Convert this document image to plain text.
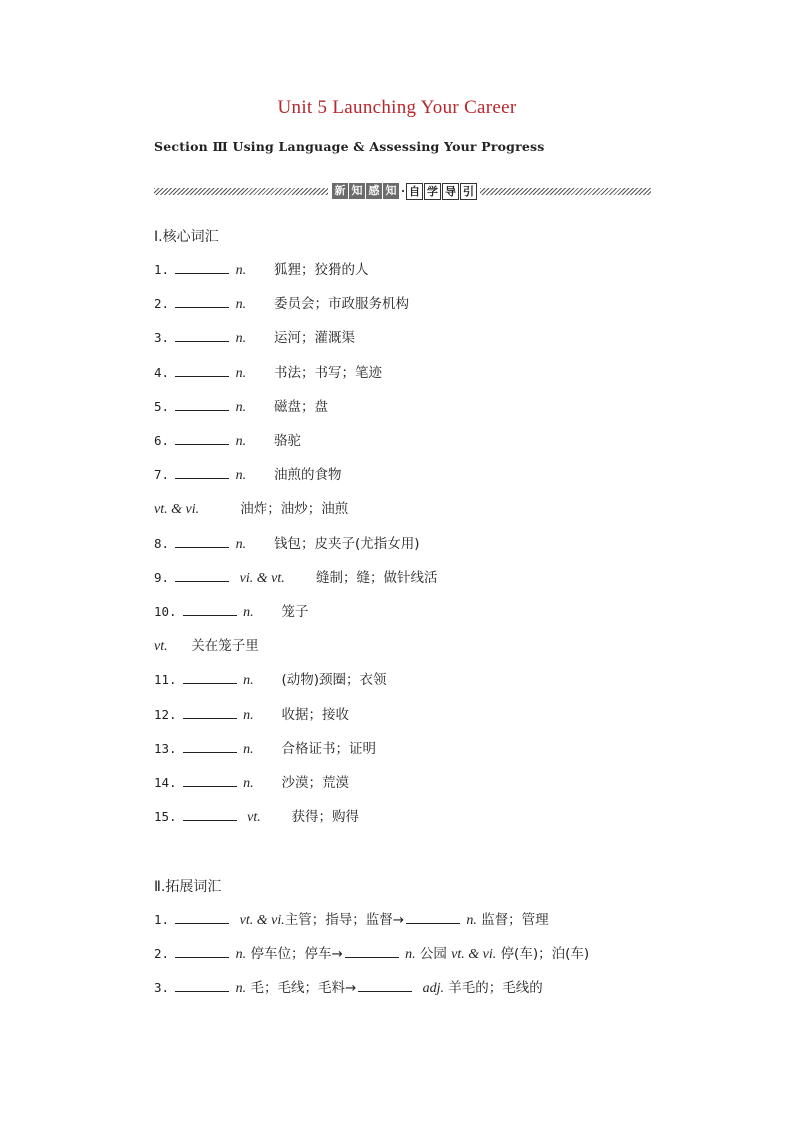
Unit 5 Launching Your Career
Section Ⅲ Using Language & Assessing Your Progress
新 知 感 知 · 自 学 导 引
Ⅰ.核心词汇
1.	n. 狐狸；狡猾的人
2.	n. 委员会；市政服务机构
3.	n. 运河；灌溉渠
4.	n. 书法；书写；笔迹
5.	n. 磁盘；盘
6.	n. 骆驼
7.	n. 油煎的食物
vt. & vi.	油炸；油炒；油煎
8.	n. 钱包；皮夹子(尤指女用)
9.	vi. & vt. 缝制；缝；做针线活
10.	n. 笼子
vt. 关在笼子里
11.	n. (动物)颈圈；衣领
12.	n. 收据；接收
13.	n. 合格证书；证明
14.	n. 沙漠；荒漠
15.	vt. 获得；购得
Ⅱ.拓展词汇
1.	vt. & vi.主管；指导；监督→	n. 监督；管理
2.	n. 停车位；停车→	n. 公园 vt. & vi. 停(车)；泊(车)
3.	n. 毛；毛线；毛料→	adj. 羊毛的；毛线的
